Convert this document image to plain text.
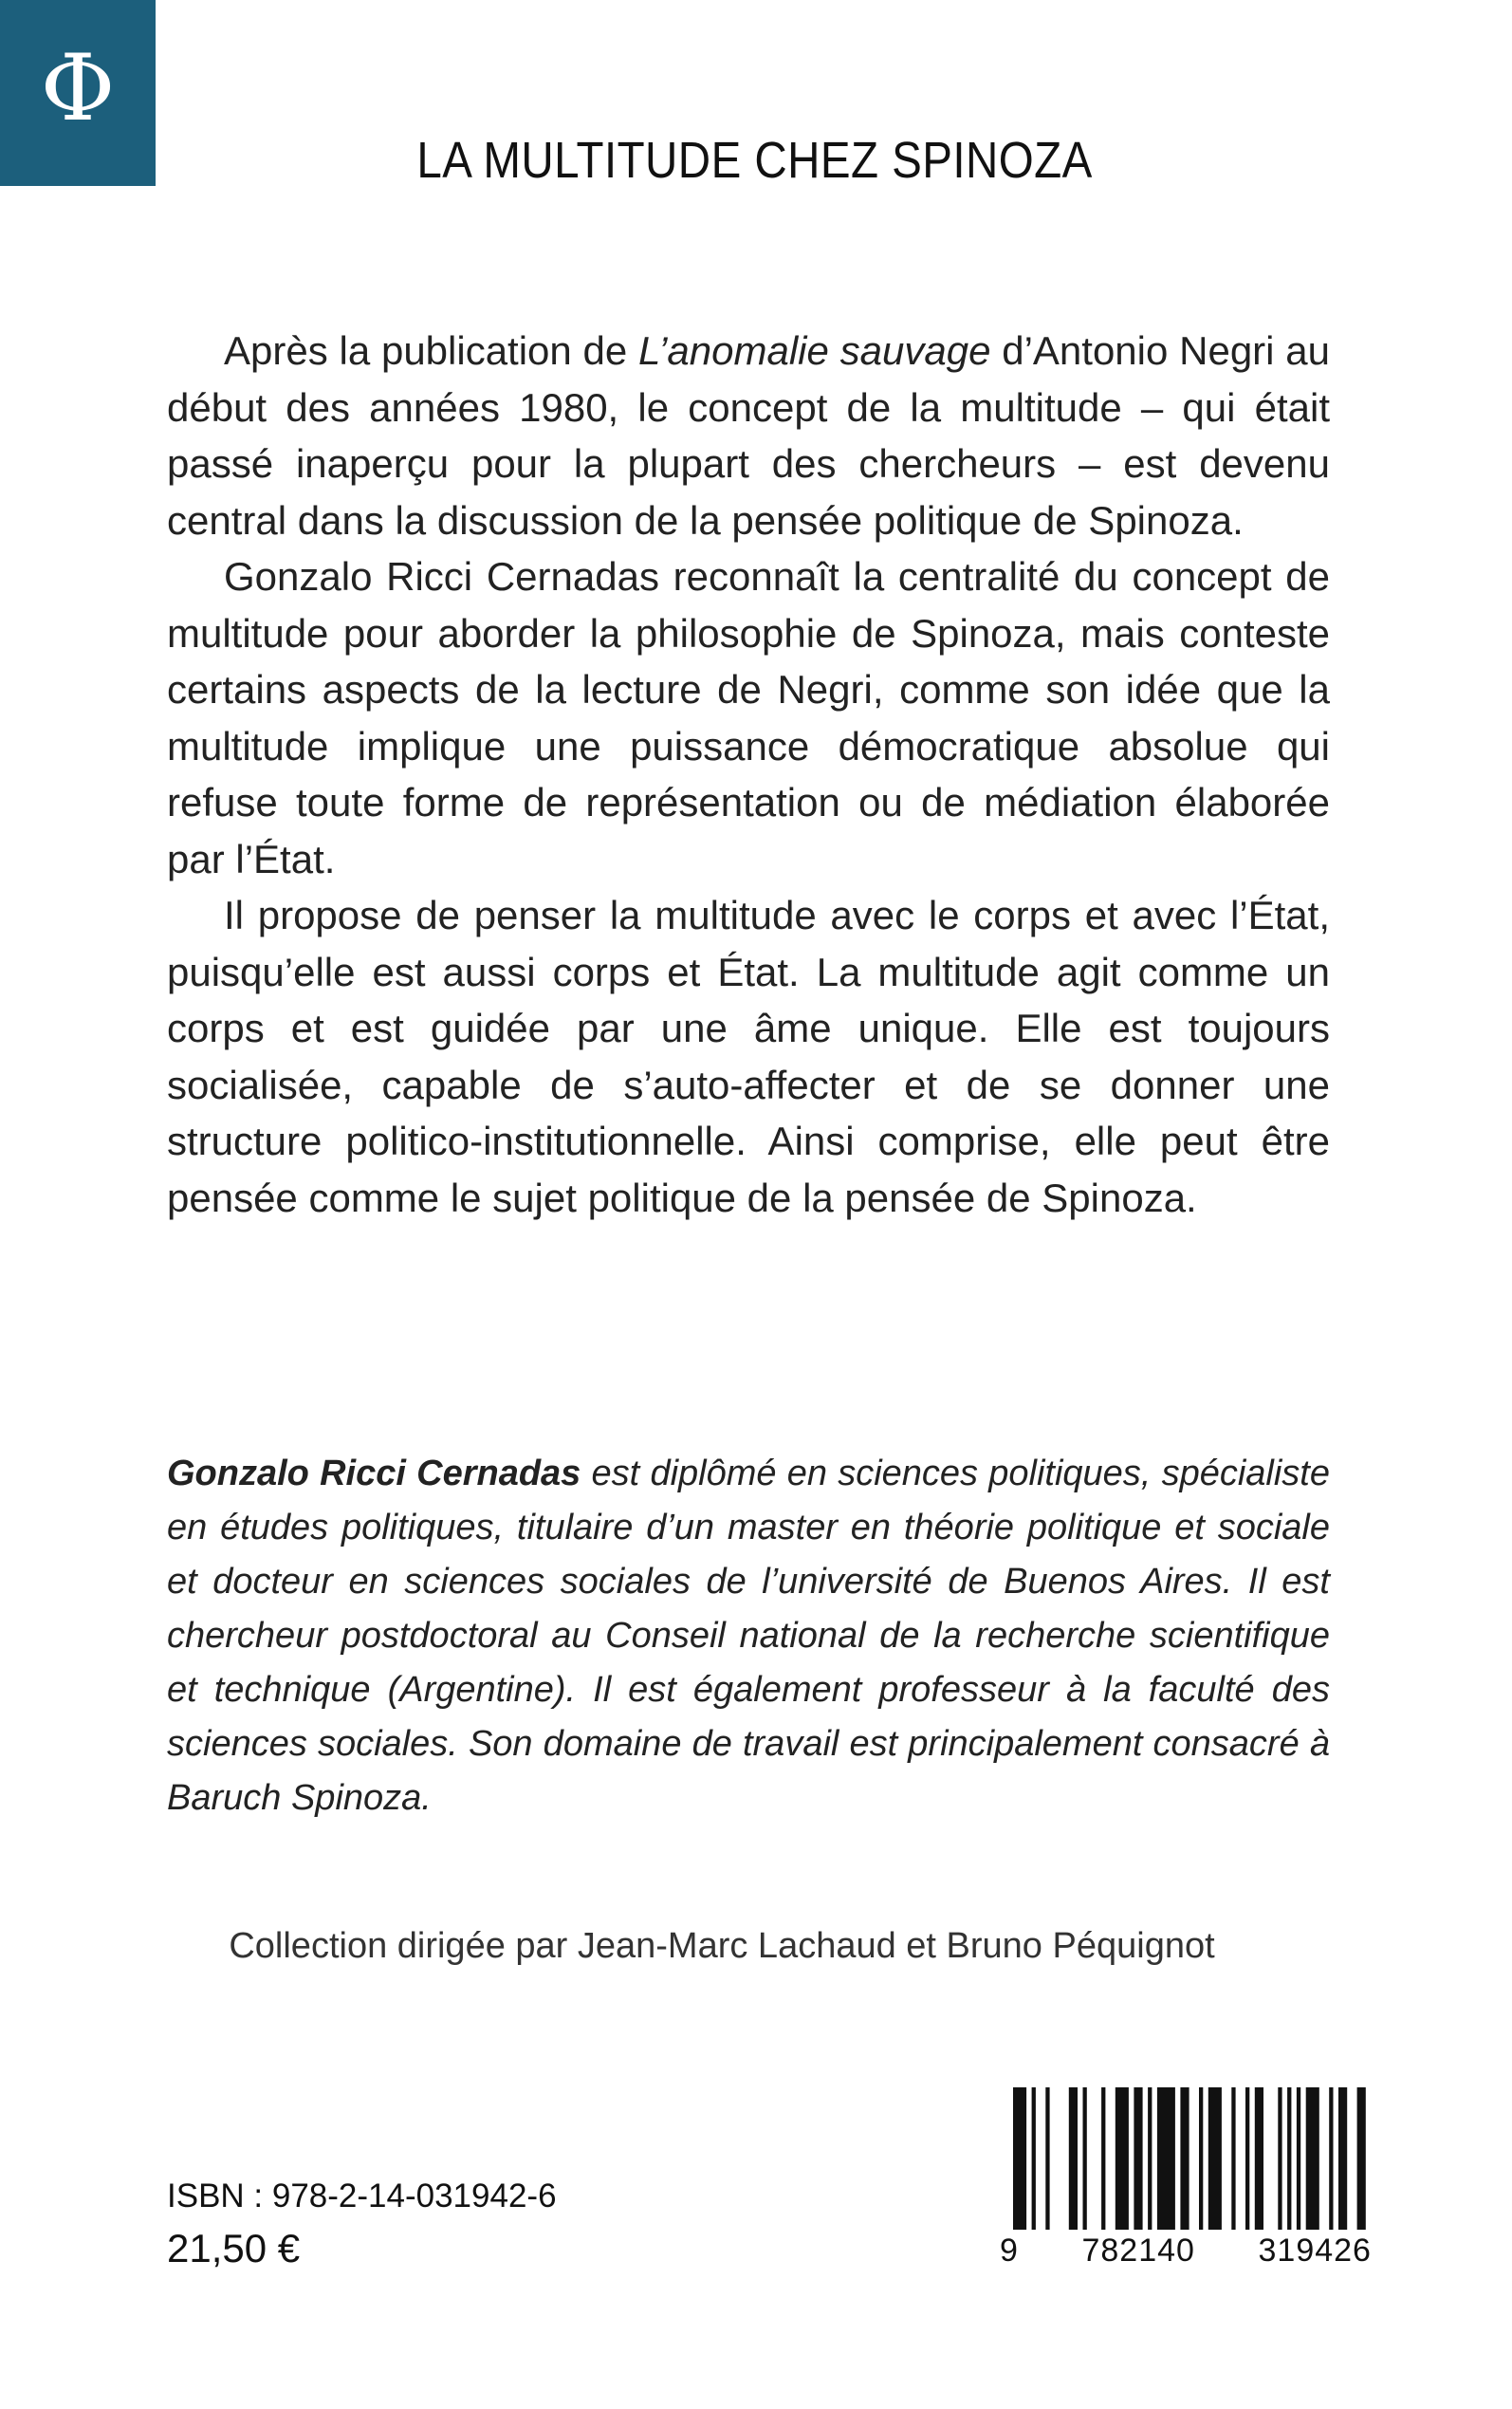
Φ
LA MULTITUDE CHEZ SPINOZA

Après la publication de L’anomalie sauvage d’Antonio Negri au début des années 1980, le concept de la multitude – qui était passé inaperçu pour la plupart des chercheurs – est devenu central dans la discussion de la pensée politique de Spinoza.

Gonzalo Ricci Cernadas reconnaît la centralité du concept de multitude pour aborder la philosophie de Spinoza, mais conteste certains aspects de la lecture de Negri, comme son idée que la multitude implique une puissance démocratique absolue qui refuse toute forme de représentation ou de médiation élaborée par l’État.

Il propose de penser la multitude avec le corps et avec l’État, puisqu’elle est aussi corps et État. La multitude agit comme un corps et est guidée par une âme unique. Elle est toujours socialisée, capable de s’auto-affecter et de se donner une structure politico-institutionnelle. Ainsi comprise, elle peut être pensée comme le sujet politique de la pensée de Spinoza.

Gonzalo Ricci Cernadas est diplômé en sciences politiques, spécialiste en études politiques, titulaire d’un master en théorie politique et sociale et docteur en sciences sociales de l’université de Buenos Aires. Il est chercheur postdoctoral au Conseil national de la recherche scientifique et technique (Argentine). Il est également professeur à la faculté des sciences sociales. Son domaine de travail est principalement consacré à Baruch Spinoza.

Collection dirigée par Jean-Marc Lachaud et Bruno Péquignot
ISBN : 978-2-14-031942-6
21,50 €	9 782140 319426
